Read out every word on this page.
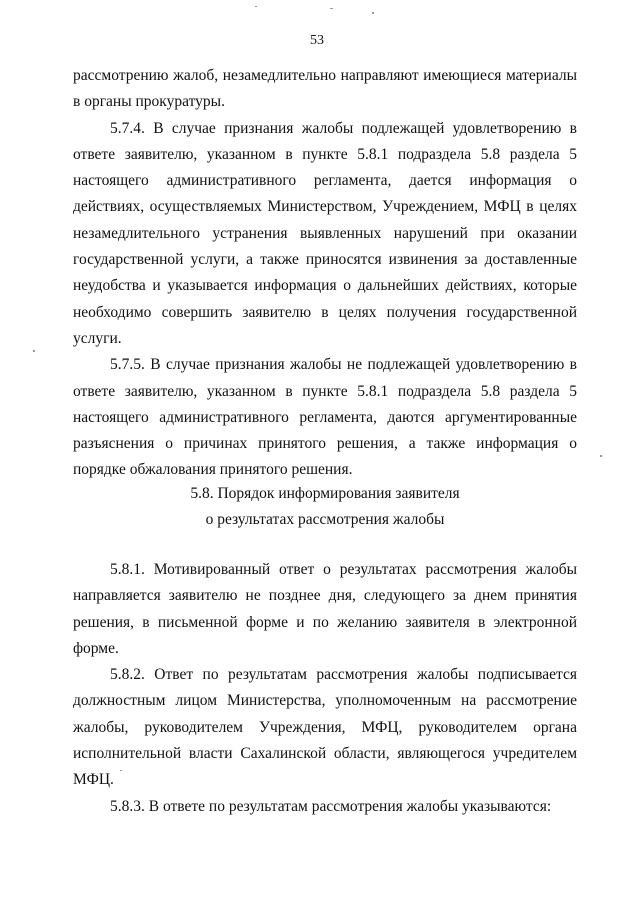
53

рассмотрению жалоб, незамедлительно направляют имеющиеся материалы в органы прокуратуры.

5.7.4. В случае признания жалобы подлежащей удовлетворению в ответе заявителю, указанном в пункте 5.8.1 подраздела 5.8 раздела 5 настоящего административного регламента, дается информация о действиях, осуществляемых Министерством, Учреждением, МФЦ в целях незамедлительного устранения выявленных нарушений при оказании государственной услуги, а также приносятся извинения за доставленные неудобства и указывается информация о дальнейших действиях, которые необходимо совершить заявителю в целях получения государственной услуги.

5.7.5. В случае признания жалобы не подлежащей удовлетворению в ответе заявителю, указанном в пункте 5.8.1 подраздела 5.8 раздела 5 настоящего административного регламента, даются аргументированные разъяснения о причинах принятого решения, а также информация о порядке обжалования принятого решения.

5.8. Порядок информирования заявителя
о результатах рассмотрения жалобы

5.8.1. Мотивированный ответ о результатах рассмотрения жалобы направляется заявителю не позднее дня, следующего за днем принятия решения, в письменной форме и по желанию заявителя в электронной форме.

5.8.2. Ответ по результатам рассмотрения жалобы подписывается должностным лицом Министерства, уполномоченным на рассмотрение жалобы, руководителем Учреждения, МФЦ, руководителем органа исполнительной власти Сахалинской области, являющегося учредителем МФЦ.

5.8.3. В ответе по результатам рассмотрения жалобы указываются:
